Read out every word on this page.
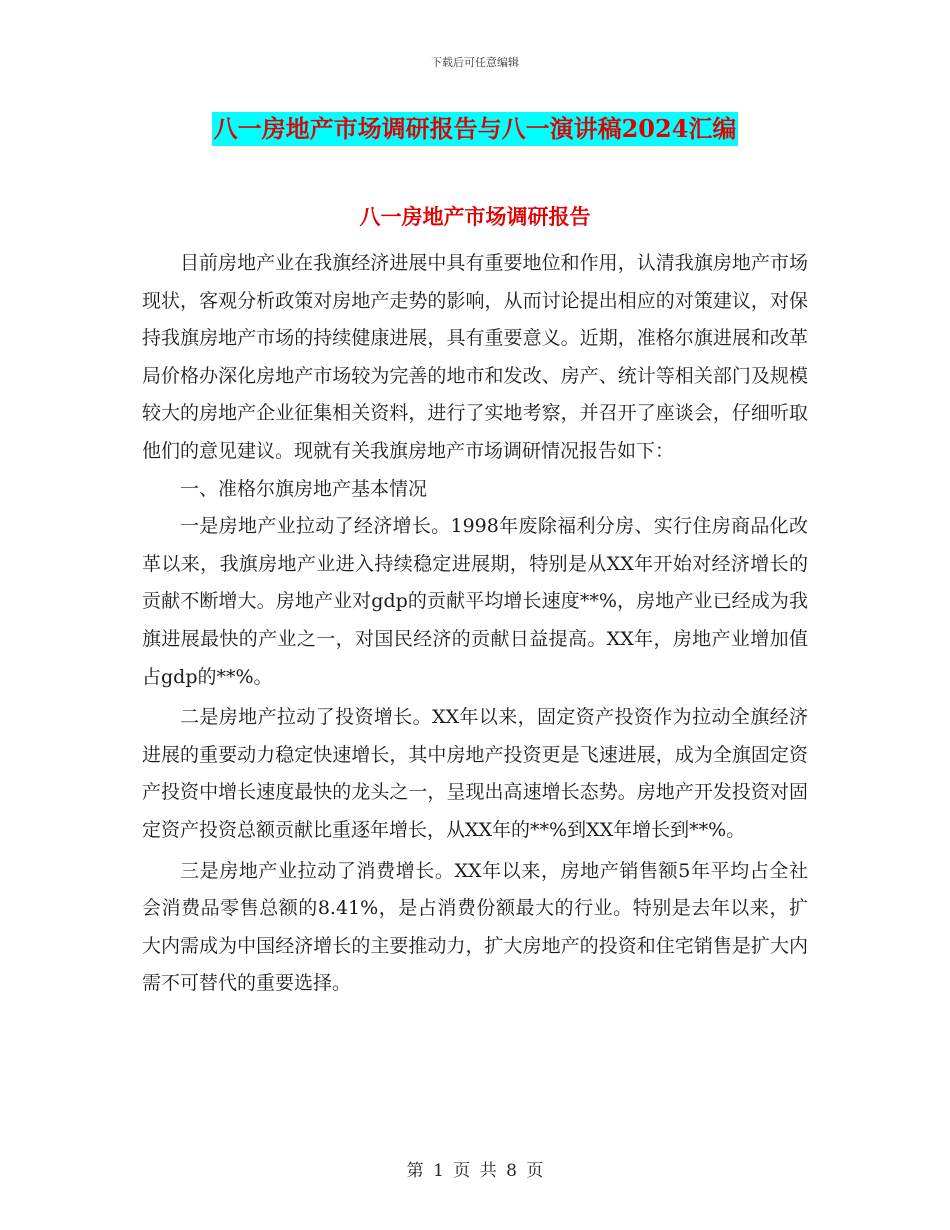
下载后可任意编辑
八一房地产市场调研报告与八一演讲稿2024汇编
八一房地产市场调研报告

目前房地产业在我旗经济进展中具有重要地位和作用，认清我旗房地产市场现状，客观分析政策对房地产走势的影响，从而讨论提出相应的对策建议，对保持我旗房地产市场的持续健康进展，具有重要意义。近期，准格尔旗进展和改革局价格办深化房地产市场较为完善的地市和发改、房产、统计等相关部门及规模较大的房地产企业征集相关资料，进行了实地考察，并召开了座谈会，仔细听取他们的意见建议。现就有关我旗房地产市场调研情况报告如下：

一、准格尔旗房地产基本情况

一是房地产业拉动了经济增长。1998年废除福利分房、实行住房商品化改革以来，我旗房地产业进入持续稳定进展期，特别是从XX年开始对经济增长的贡献不断增大。房地产业对gdp的贡献平均增长速度**%，房地产业已经成为我旗进展最快的产业之一，对国民经济的贡献日益提高。XX年，房地产业增加值占gdp的**%。

二是房地产拉动了投资增长。XX年以来，固定资产投资作为拉动全旗经济进展的重要动力稳定快速增长，其中房地产投资更是飞速进展，成为全旗固定资产投资中增长速度最快的龙头之一，呈现出高速增长态势。房地产开发投资对固定资产投资总额贡献比重逐年增长，从XX年的**%到XX年增长到**%。

三是房地产业拉动了消费增长。XX年以来，房地产销售额5年平均占全社会消费品零售总额的8.41%，是占消费份额最大的行业。特别是去年以来，扩大内需成为中国经济增长的主要推动力，扩大房地产的投资和住宅销售是扩大内需不可替代的重要选择。

第 1 页 共 8 页
